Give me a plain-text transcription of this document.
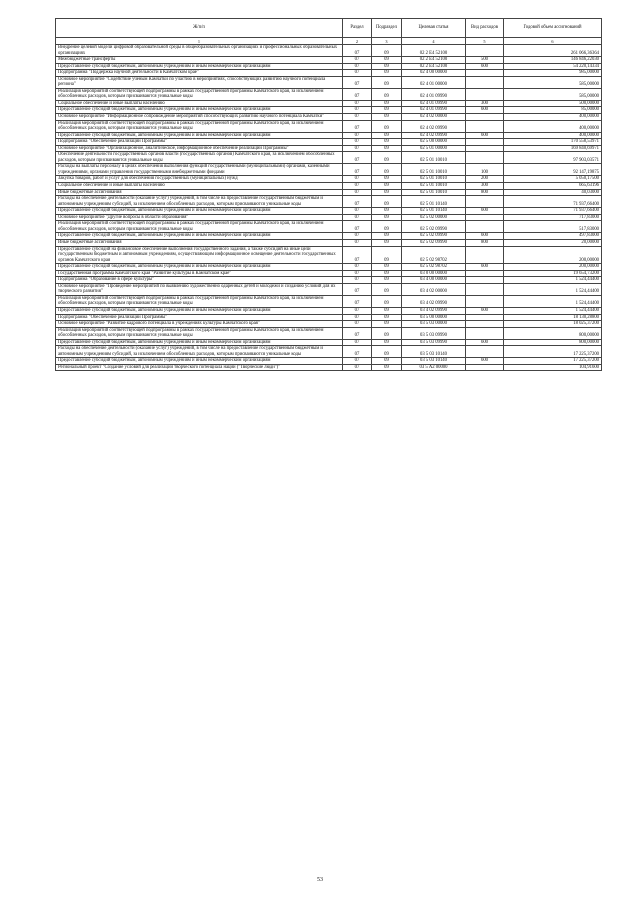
Ж/п/п	Раздел	Подраздел	Целевая статья	Вид расходов	Годовой объем ассигнований
1	2	3	4	5	6
Внедрение целевой модели цифровой образовательной среды в общеобразовательных организациях и профессиональных образовательных организациях	07	09	02 2 Е4 52100		261 066,36364
Межбюджетные трансферты	07	09	02 2 Е4 52100	500	146 846,22030
Предоставление субсидий бюджетным, автономным учреждениям и иным некоммерческим организациям	07	09	02 2 Е4 52100	600	54 220,14334
Подпрограмма "Поддержка научной деятельности в Камчатском крае"	07	09	02 4 00 00000		985,00000
Основное мероприятие "Содействие ученым Камчатки по участию в мероприятиях, способствующих развитию научного потенциала региона"	07	09	02 4 01 00000		585,00000
Реализация мероприятий соответствующей подпрограммы в рамках государственной программы Камчатского края, за исключением обособленных расходов, которым присваиваются уникальные коды	07	09	02 4 01 09990		585,00000
Социальное обеспечение и иные выплаты населению	07	09	02 4 01 09990	300	500,00000
Предоставление субсидий бюджетным, автономным учреждениям и иным некоммерческим организациям	07	09	02 4 01 09990	600	85,00000
Основное мероприятие "Информационное сопровождение мероприятий способствующих развитию научного потенциала Камчатки"	07	09	02 4 02 00000		400,00000
Реализация мероприятий соответствующей подпрограммы в рамках государственной программы Камчатского края, за исключением обособленных расходов, которым присваиваются уникальные коды	07	09	02 4 02 09990		400,00000
Предоставление субсидий бюджетным, автономным учреждениям и иным некоммерческим организациям	07	09	02 4 02 09990	600	400,00000
Подпрограмма "Обеспечение реализации Программы"	07	09	02 5 00 00000		170 558,53971
Основное мероприятие "Организационное, аналитическое, информационное обеспечение реализации Программы"	07	09	02 5 01 00000		169 840,69971
Обеспечение деятельности государственных органов власти (государственных органов) Камчатского края, за исключением обособленных расходов, которым присваиваются уникальные коды	07	09	02 5 01 10010		97 903,03571
Расходы на выплаты персоналу в целях обеспечения выполнения функций государственными (муниципальными) органами, казенными учреждениями, органами управления государственными внебюджетными фондами	07	09	02 5 01 10010	100	92 147,19875
Закупка товаров, работ и услуг для обеспечения государственных (муниципальных) нужд	07	09	02 5 01 10010	200	5 050,17500
Социальное обеспечение и иные выплаты населению	07	09	02 5 01 10010	300	665,63196
Иные бюджетные ассигнования	07	09	02 5 01 10010	800	40,03000
Расходы на обеспечение деятельности (оказание услуг) учреждений, в том числе на предоставление государственным бюджетным и автономным учреждениям субсидий, за исключением обособленных расходов, которым присваиваются уникальные коды	07	09	02 5 01 10140		71 937,66400
Предоставление субсидий бюджетным, автономным учреждениям и иным некоммерческим организациям	07	09	02 5 01 10140	600	71 937,66400
Основное мероприятие "Другие вопросы в области образования"	07	09	02 5 02 00000		717,83000
Реализация мероприятий соответствующей подпрограммы в рамках государственной программы Камчатского края, за исключением обособленных расходов, которым присваиваются уникальные коды	07	09	02 5 02 09990		517,83000
Предоставление субсидий бюджетным, автономным учреждениям и иным некоммерческим организациям	07	09	02 5 02 09990	600	497,83000
Иные бюджетные ассигнования	07	09	02 5 02 09990	800	20,00000
Предоставление субсидий на финансовое обеспечение выполнения государственного задания, а также субсидий на иные цели государственным бюджетным и автономным учреждениям, осуществляющим информационное освещение деятельности государственных органов Камчатского края	07	09	02 5 02 98702		200,00000
Предоставление субсидий бюджетным, автономным учреждениям и иным некоммерческим организациям	07	09	02 5 02 98702	600	200,00000
Государственная программа Камчатского края "Развитие культуры в Камчатском крае"	07	09	03 0 00 00000		19 654,73200
Подпрограмма "Образование в сфере культуры"	07	09	03 4 00 00000		1 524,44400
Основное мероприятие "Проведение мероприятий по выявлению художественно одаренных детей и молодежи и созданию условий для их творческого развития"	07	09	03 4 02 00000		1 524,44400
Реализация мероприятий соответствующей подпрограммы в рамках государственной программы Камчатского края, за исключением обособленных расходов, которым присваиваются уникальные коды	07	09	03 4 02 09990		1 524,44400
Предоставление субсидий бюджетным, автономным учреждениям и иным некоммерческим организациям	07	09	03 4 02 09990	600	1 524,44400
Подпрограмма "Обеспечение реализации Программы"	07	09	03 5 00 00000		18 130,28800
Основное мероприятие "Развитие кадрового потенциала в учреждениях культуры Камчатского края"	07	09	03 5 03 00000		18 025,37200
Реализация мероприятий соответствующей подпрограммы в рамках государственной программы Камчатского края, за исключением обособленных расходов, которым присваиваются уникальные коды	07	09	03 5 03 09990		800,00000
Предоставление субсидий бюджетным, автономным учреждениям и иным некоммерческим организациям	07	09	03 5 03 09990	600	800,00000
Расходы на обеспечение деятельности (оказание услуг) учреждений, в том числе на предоставление государственным бюджетным и автономным учреждениям субсидий, за исключением обособленных расходов, которым присваиваются уникальные коды	07	09	03 5 03 10140		17 225,37200
Предоставление субсидий бюджетным, автономным учреждениям и иным некоммерческим организациям	07	09	03 5 03 10140	600	17 225,37200
Региональный проект "Создание условий для реализации творческого потенциала нации ("Творческие люди")"	07	09	03 5 А2 00000		104,91600
53
